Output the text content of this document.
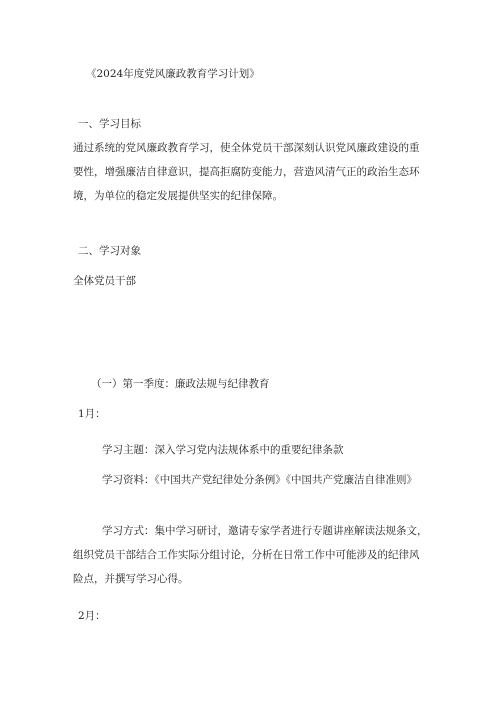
《2024年度党风廉政教育学习计划》

一、学习目标

通过系统的党风廉政教育学习，使全体党员干部深刻认识党风廉政建设的重要性，增强廉洁自律意识，提高拒腐防变能力，营造风清气正的政治生态环境，为单位的稳定发展提供坚实的纪律保障。

二、学习对象

全体党员干部

（一）第一季度：廉政法规与纪律教育

1月：

学习主题：深入学习党内法规体系中的重要纪律条款

学习资料：《中国共产党纪律处分条例》《中国共产党廉洁自律准则》

学习方式：集中学习研讨，邀请专家学者进行专题讲座解读法规条文，组织党员干部结合工作实际分组讨论，分析在日常工作中可能涉及的纪律风险点，并撰写学习心得。

2月：
